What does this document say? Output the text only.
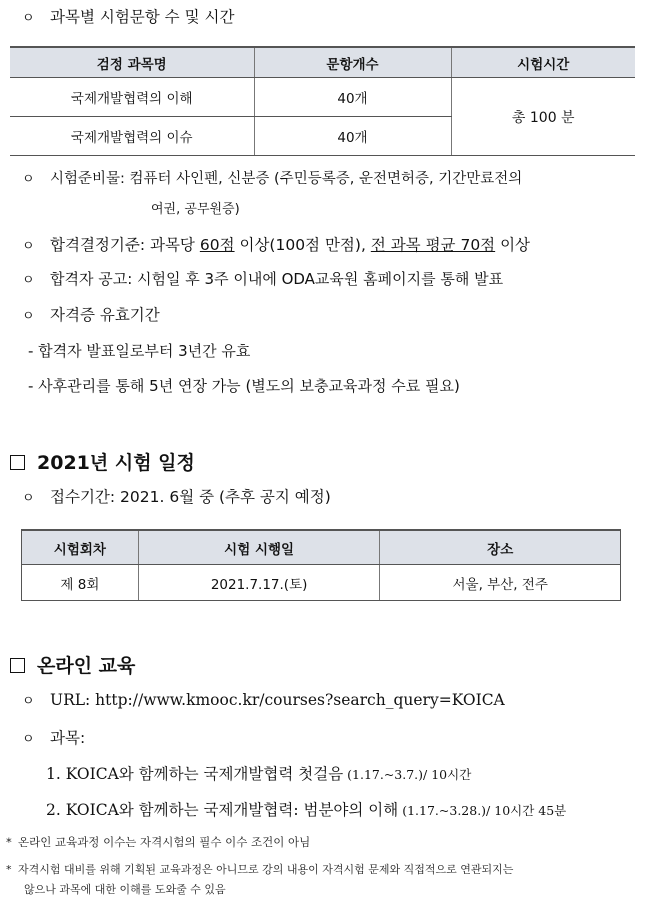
ㅇ 과목별 시험문항 수 및 시간
검정 과목명	문항개수	시험시간
국제개발협력의 이해	40개	총 100 분
국제개발협력의 이슈	40개	
ㅇ 시험준비물: 컴퓨터 사인펜, 신분증 (주민등록증, 운전면허증, 기간만료전의
여권, 공무원증)
ㅇ 합격결정기준: 과목당 60점 이상(100점 만점), 전 과목 평균 70점 이상
ㅇ 합격자 공고: 시험일 후 3주 이내에 ODA교육원 홈페이지를 통해 발표
ㅇ 자격증 유효기간
- 합격자 발표일로부터 3년간 유효
- 사후관리를 통해 5년 연장 가능 (별도의 보충교육과정 수료 필요)
2021년 시험 일정
ㅇ 접수기간: 2021. 6월 중 (추후 공지 예정)
시험회차	시험 시행일	장소
제 8회	2021.7.17.(토)	서울, 부산, 전주
온라인 교육
ㅇ URL: http://www.kmooc.kr/courses?search_query=KOICA
ㅇ 과목:
1. KOICA와 함께하는 국제개발협력 첫걸음 (1.17.~3.7.)/ 10시간
2. KOICA와 함께하는 국제개발협력: 범분야의 이해 (1.17.~3.28.)/ 10시간 45분
* 온라인 교육과정 이수는 자격시험의 필수 이수 조건이 아님
* 자격시험 대비를 위해 기획된 교육과정은 아니므로 강의 내용이 자격시험 문제와 직접적으로 연관되지는
않으나 과목에 대한 이해를 도와줄 수 있음
